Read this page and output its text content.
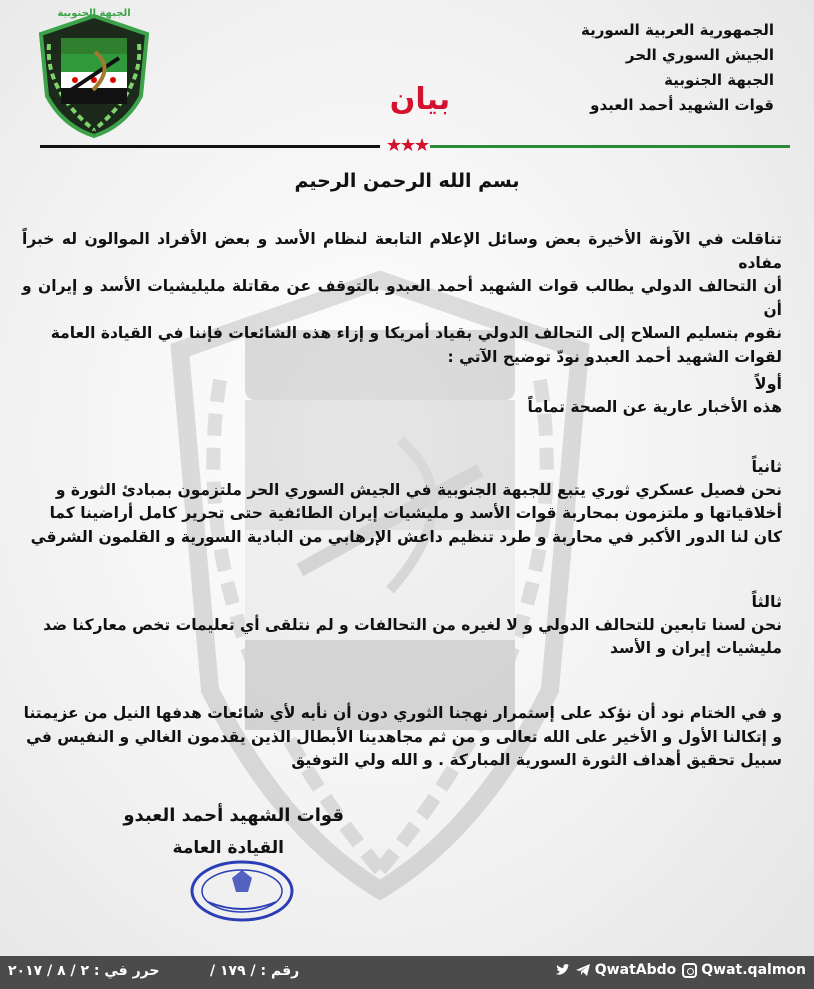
الجبهة الجنوبية
الجمهورية العربية السورية
الجيش السوري الحر
الجبهة الجنوبية
قوات الشهيد أحمد العبدو
بيان
بسم الله الرحمن الرحيم

تناقلت في الآونة الأخيرة بعض وسائل الإعلام التابعة لنظام الأسد و بعض الأفراد الموالون له خبراً مفاده

أن التحالف الدولي يطالب قوات الشهيد أحمد العبدو بالتوقف عن مقاتلة مليليشيات الأسد و إيران و أن

نقوم بتسليم السلاح إلى التحالف الدولي بقياد أمريكا و إزاء هذه الشائعات فإننا في القيادة العامة

لقوات الشهيد أحمد العبدو نودّ توضيح الآتي :

أولاً

هذه الأخبار عارية عن الصحة تماماً

ثانياً

نحن فصيل عسكري ثوري يتبع للجبهة الجنوبية في الجيش السوري الحر ملتزمون بمبادئ الثورة و

أخلاقياتها و ملتزمون بمحاربة قوات الأسد و مليشيات إيران الطائفية حتى تحرير كامل أراضينا كما

كان لنا الدور الأكبر في محاربة و طرد تنظيم داعش الإرهابي من البادية السورية و القلمون الشرقي

ثالثاً

نحن لسنا تابعين للتحالف الدولي و لا لغيره من التحالفات و لم نتلقى أي تعليمات تخص معاركنا ضد

مليشيات إيران و الأسد

و في الختام نود أن نؤكد على إستمرار نهجنا الثوري دون أن نأبه لأي شائعات هدفها النيل من عزيمتنا

و إتكالنا الأول و الأخير على الله تعالى و من ثم مجاهدينا الأبطال الذين يقدمون الغالي و النفيس في

سبيل تحقيق أهداف الثورة السورية المباركة . و الله ولي التوفيق

قوات الشهيد أحمد العبدو
القيادة العامة
حرر في : ٢ / ٨ / ٢٠١٧	رقم : / ١٧٩ /	QwatAbdo Qwat.qalmon
